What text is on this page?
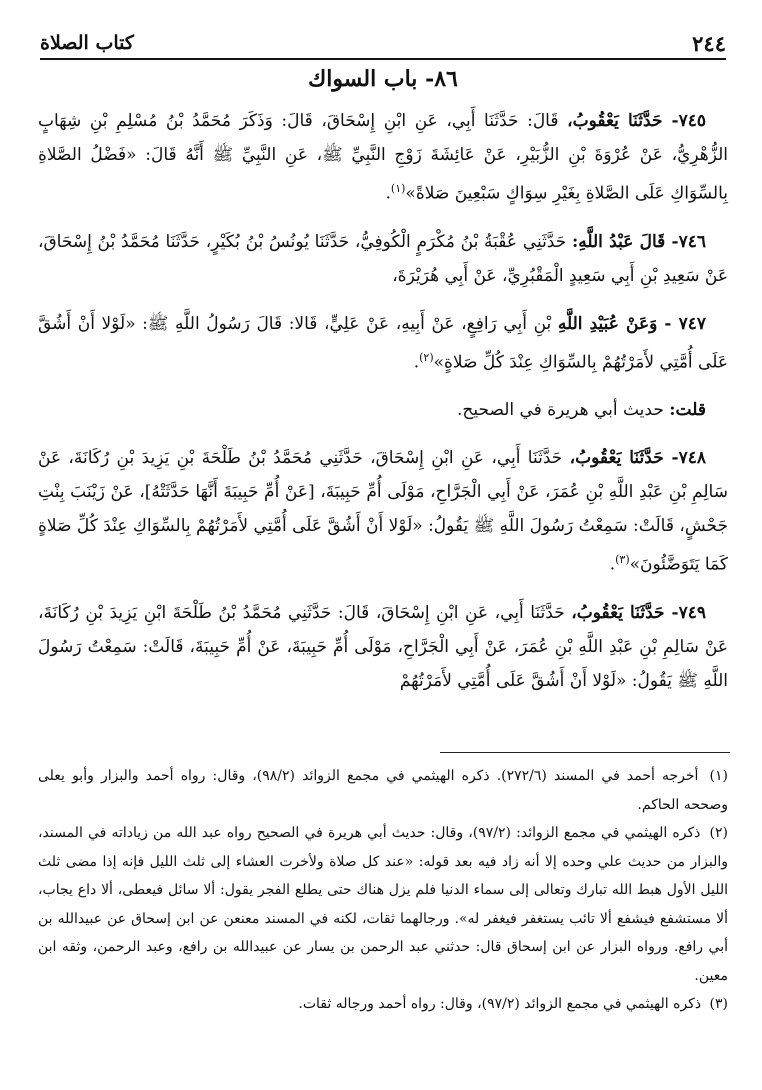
٢٤٤
كتاب الصلاة
٨٦- باب السواك

٧٤٥- حَدَّثَنَا يَعْقُوبُ، قَالَ: حَدَّثَنَا أَبِي، عَنِ ابْنِ إِسْحَاقَ، قَالَ: وَذَكَرَ مُحَمَّدُ بْنُ مُسْلِمِ بْنِ شِهَابٍ الزُّهْرِيُّ، عَنْ عُرْوَةَ بْنِ الزُّبَيْرِ، عَنْ عَائِشَةَ زَوْجِ النَّبِيِّ ﷺ، عَنِ النَّبِيِّ ﷺ أَنَّهُ قَالَ: «فَضْلُ الصَّلاةِ بِالسِّوَاكِ عَلَى الصَّلاةِ بِغَيْرِ سِوَاكٍ سَبْعِينَ صَلاةً»$^{(١)}$.

٧٤٦- قَالَ عَبْدُ اللَّهِ: حَدَّثَنِي عُقْبَةُ بْنُ مُكْرَمٍ الْكُوفِيُّ، حَدَّثَنَا يُونُسُ بْنُ بُكَيْرٍ، حَدَّثَنَا مُحَمَّدُ بْنُ إِسْحَاقَ، عَنْ سَعِيدِ بْنِ أَبِي سَعِيدٍ الْمَقْبُرِيِّ، عَنْ أَبِي هُرَيْرَةَ،

٧٤٧ - وَعَنْ عُبَيْدِ اللَّهِ بْنِ أَبِي رَافِعٍ، عَنْ أَبِيهِ، عَنْ عَلِيٍّ، قَالا: قَالَ رَسُولُ اللَّهِ ﷺ: «لَوْلا أَنْ أَشُقَّ عَلَى أُمَّتِي لأَمَرْتُهُمْ بِالسِّوَاكِ عِنْدَ كُلِّ صَلاةٍ»$^{(٢)}$.

قلت: حديث أبي هريرة في الصحيح.

٧٤٨- حَدَّثَنَا يَعْقُوبُ، حَدَّثَنَا أَبِي، عَنِ ابْنِ إِسْحَاقَ، حَدَّثَنِي مُحَمَّدُ بْنُ طَلْحَةَ بْنِ يَزِيدَ بْنِ رُكَانَةَ، عَنْ سَالِمِ بْنِ عَبْدِ اللَّهِ بْنِ عُمَرَ، عَنْ أَبِي الْجَرَّاحِ، مَوْلَى أُمِّ حَبِيبَةَ، [عَنْ أُمِّ حَبِيبَةَ أَنَّهَا حَدَّثَتْهُ]، عَنْ زَيْنَبَ بِنْتِ جَحْشٍ، قَالَتْ: سَمِعْتُ رَسُولَ اللَّهِ ﷺ يَقُولُ: «لَوْلا أَنْ أَشُقَّ عَلَى أُمَّتِي لأَمَرْتُهُمْ بِالسِّوَاكِ عِنْدَ كُلِّ صَلاةٍ كَمَا يَتَوَضَّئُونَ»$^{(٣)}$.

٧٤٩- حَدَّثَنَا يَعْقُوبُ، حَدَّثَنَا أَبِي، عَنِ ابْنِ إِسْحَاقَ، قَالَ: حَدَّثَنِي مُحَمَّدُ بْنُ طَلْحَةَ ابْنِ يَزِيدَ بْنِ رُكَانَةَ، عَنْ سَالِمِ بْنِ عَبْدِ اللَّهِ بْنِ عُمَرَ، عَنْ أَبِي الْجَرَّاحِ، مَوْلَى أُمِّ حَبِيبَةَ، عَنْ أُمِّ حَبِيبَةَ، قَالَتْ: سَمِعْتُ رَسُولَ اللَّهِ ﷺ يَقُولُ: «لَوْلا أَنْ أَشُقَّ عَلَى أُمَّتِي لأَمَرْتُهُمْ

(١) أخرجه أحمد في المسند (٢٧٢/٦). ذكره الهيثمي في مجمع الزوائد (٩٨/٢)، وقال: رواه أحمد والبزار وأبو يعلى وصححه الحاكم.

(٢) ذكره الهيثمي في مجمع الزوائد: (٩٧/٢)، وقال: حديث أبي هريرة في الصحيح رواه عبد الله من زياداته في المسند، والبزار من حديث علي وحده إلا أنه زاد فيه بعد قوله: «عند كل صلاة ولأخرت العشاء إلى ثلث الليل فإنه إذا مضى ثلث الليل الأول هبط الله تبارك وتعالى إلى سماء الدنيا فلم يزل هناك حتى يطلع الفجر يقول: ألا سائل فيعطى، ألا داع يجاب، ألا مستشفع فيشفع ألا تائب يستغفر فيغفر له». ورجالهما ثقات، لكنه في المسند معنعن عن ابن إسحاق عن عبيدالله بن أبي رافع. ورواه البزار عن ابن إسحاق قال: حدثني عبد الرحمن بن يسار عن عبيدالله بن رافع، وعبد الرحمن، وثقه ابن معين.

(٣) ذكره الهيثمي في مجمع الزوائد (٩٧/٢)، وقال: رواه أحمد ورجاله ثقات.
